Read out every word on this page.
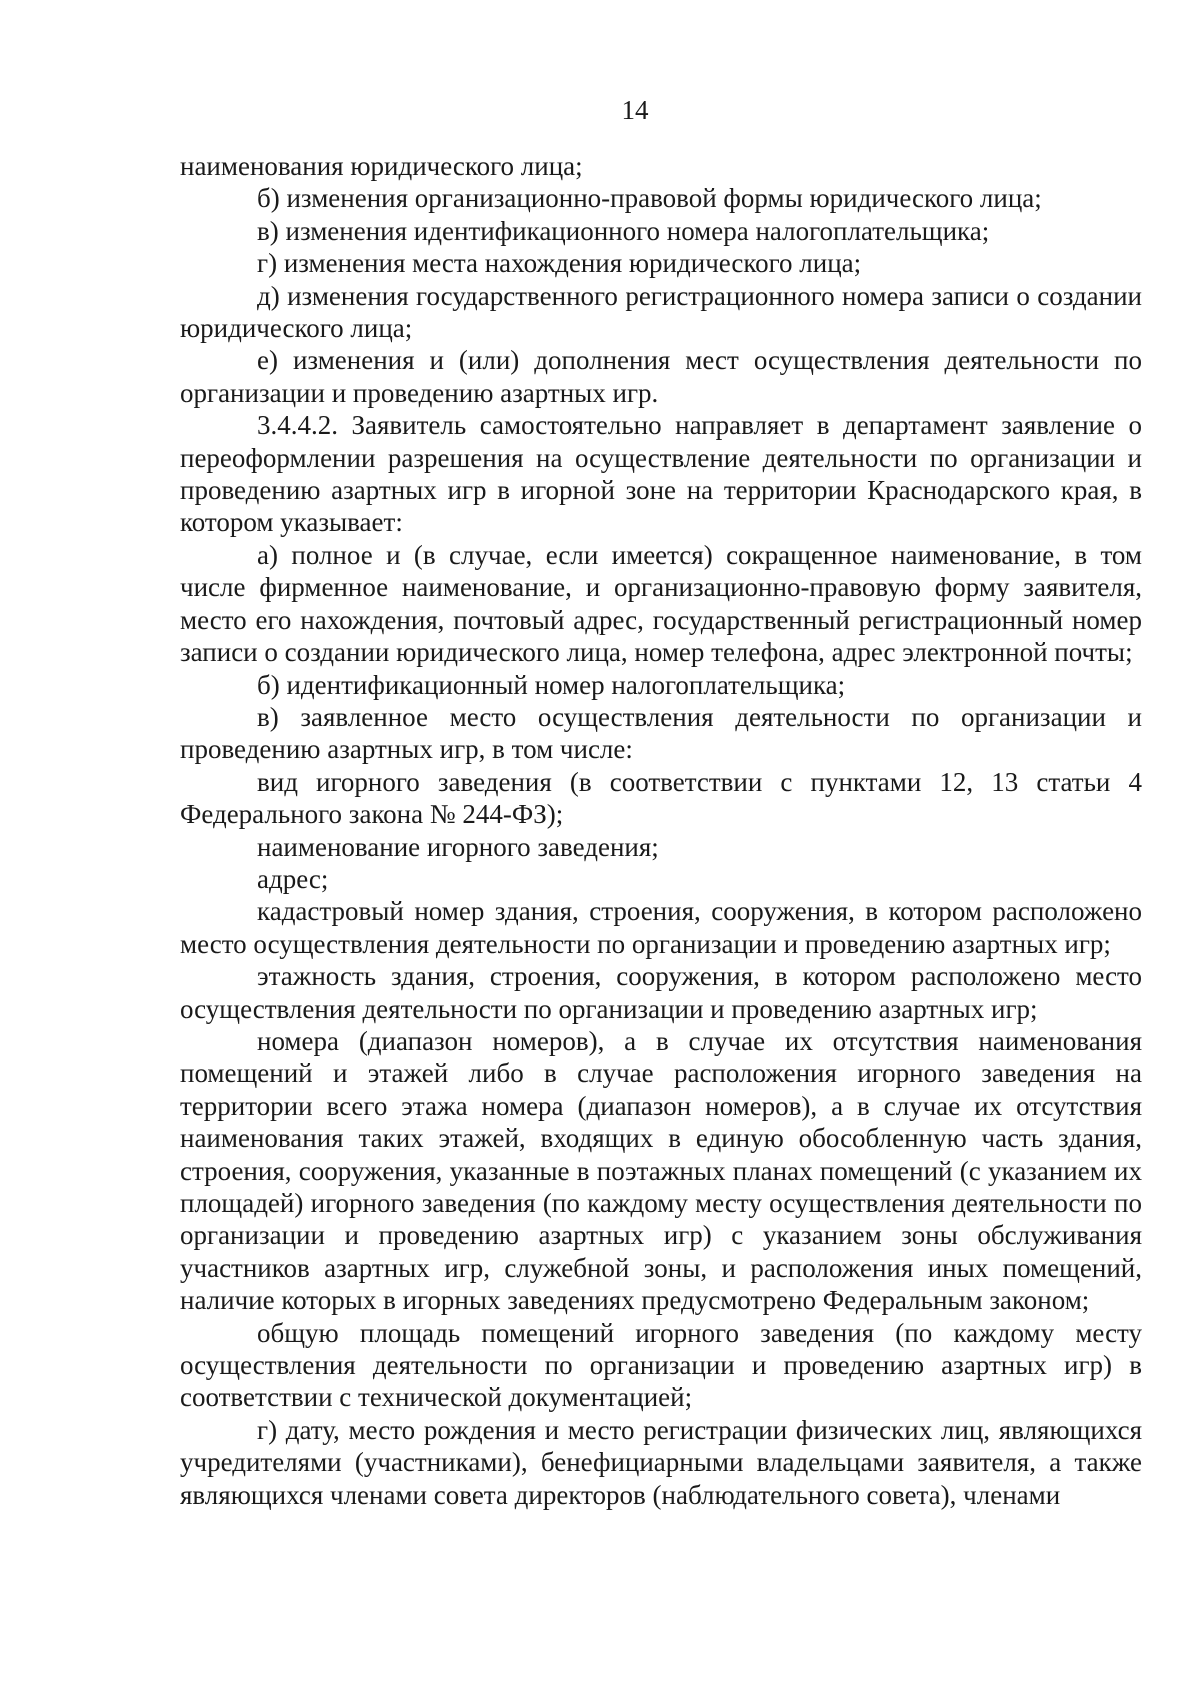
14

наименования юридического лица;

б) изменения организационно-правовой формы юридического лица;

в) изменения идентификационного номера налогоплательщика;

г) изменения места нахождения юридического лица;

д) изменения государственного регистрационного номера записи о создании юридического лица;

е) изменения и (или) дополнения мест осуществления деятельности по организации и проведению азартных игр.

3.4.4.2. Заявитель самостоятельно направляет в департамент заявление о переоформлении разрешения на осуществление деятельности по организации и проведению азартных игр в игорной зоне на территории Краснодарского края, в котором указывает:

а) полное и (в случае, если имеется) сокращенное наименование, в том числе фирменное наименование, и организационно-правовую форму заявителя, место его нахождения, почтовый адрес, государственный регистрационный номер записи о создании юридического лица, номер телефона, адрес электронной почты;

б) идентификационный номер налогоплательщика;

в) заявленное место осуществления деятельности по организации и проведению азартных игр, в том числе:

вид игорного заведения (в соответствии с пунктами 12, 13 статьи 4 Федерального закона № 244-ФЗ);

наименование игорного заведения;

адрес;

кадастровый номер здания, строения, сооружения, в котором расположено место осуществления деятельности по организации и проведению азартных игр;

этажность здания, строения, сооружения, в котором расположено место осуществления деятельности по организации и проведению азартных игр;

номера (диапазон номеров), а в случае их отсутствия наименования помещений и этажей либо в случае расположения игорного заведения на территории всего этажа номера (диапазон номеров), а в случае их отсутствия наименования таких этажей, входящих в единую обособленную часть здания, строения, сооружения, указанные в поэтажных планах помещений (с указанием их площадей) игорного заведения (по каждому месту осуществления деятельности по организации и проведению азартных игр) с указанием зоны обслуживания участников азартных игр, служебной зоны, и расположения иных помещений, наличие которых в игорных заведениях предусмотрено Федеральным законом;

общую площадь помещений игорного заведения (по каждому месту осуществления деятельности по организации и проведению азартных игр) в соответствии с технической документацией;

г) дату, место рождения и место регистрации физических лиц, являющихся учредителями (участниками), бенефициарными владельцами заявителя, а также являющихся членами совета директоров (наблюдательного совета), членами
